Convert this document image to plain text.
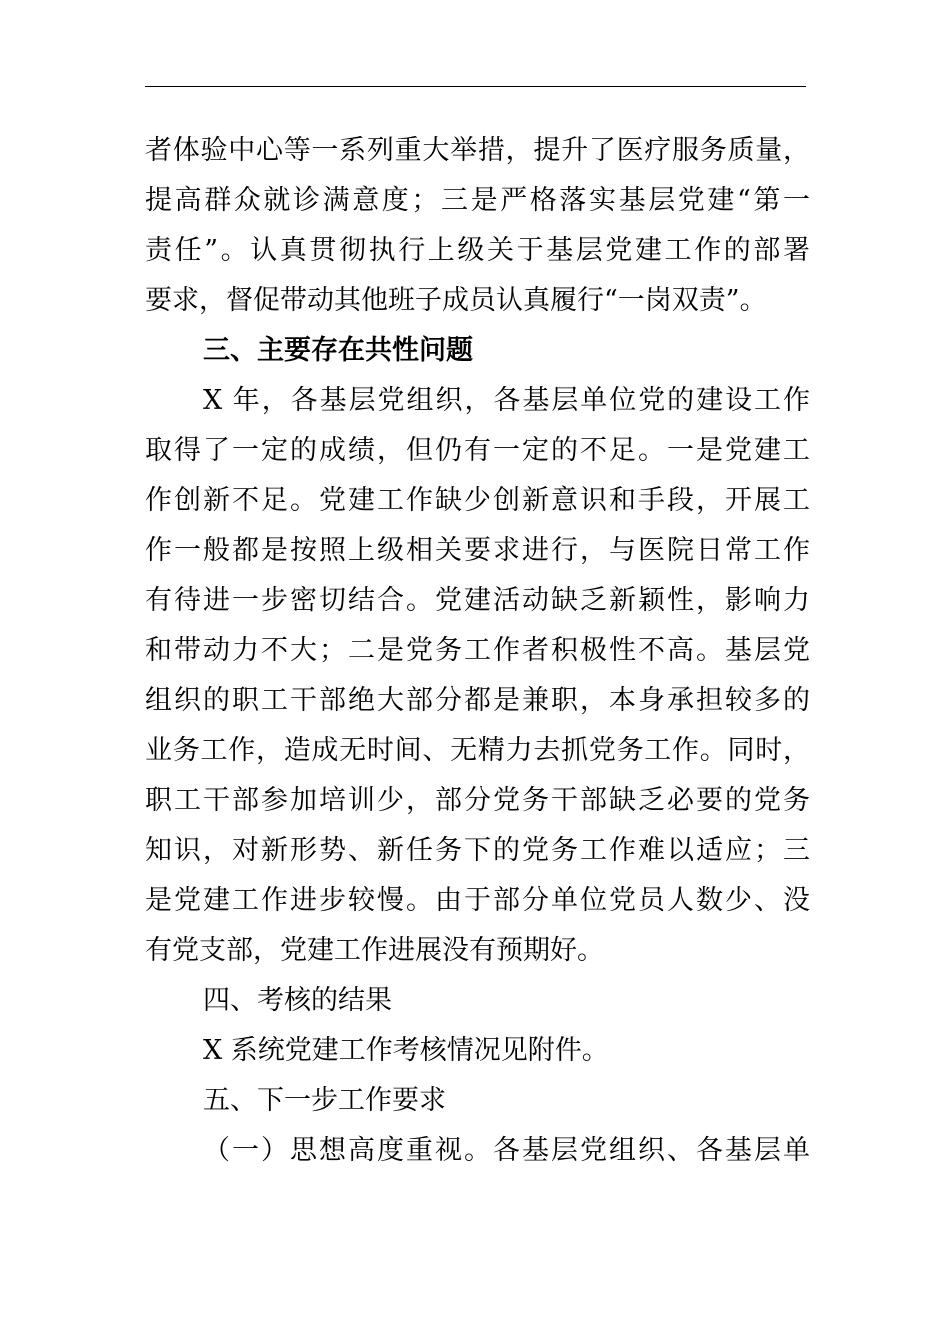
者体验中心等一系列重大举措，提升了医疗服务质量，
提高群众就诊满意度；三是严格落实基层党建“第一
责任”。认真贯彻执行上级关于基层党建工作的部署
要求，督促带动其他班子成员认真履行“一岗双责”。
三、主要存在共性问题
X 年，各基层党组织，各基层单位党的建设工作
取得了一定的成绩，但仍有一定的不足。一是党建工
作创新不足。党建工作缺少创新意识和手段，开展工
作一般都是按照上级相关要求进行，与医院日常工作
有待进一步密切结合。党建活动缺乏新颖性，影响力
和带动力不大；二是党务工作者积极性不高。基层党
组织的职工干部绝大部分都是兼职，本身承担较多的
业务工作，造成无时间、无精力去抓党务工作。同时，
职工干部参加培训少，部分党务干部缺乏必要的党务
知识，对新形势、新任务下的党务工作难以适应；三
是党建工作进步较慢。由于部分单位党员人数少、没
有党支部，党建工作进展没有预期好。
四、考核的结果
X 系统党建工作考核情况见附件。
五、下一步工作要求
（一）思想高度重视。各基层党组织、各基层单
